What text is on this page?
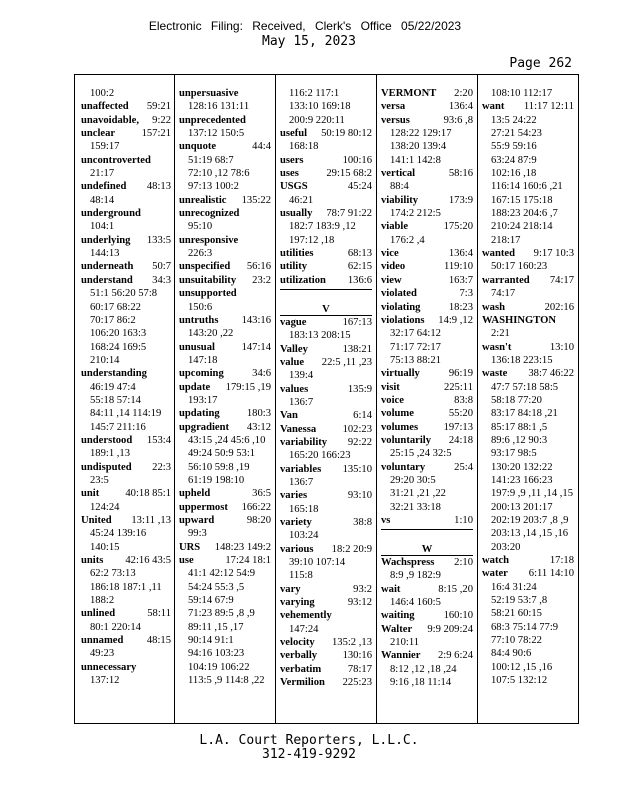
Electronic Filing: Received, Clerk's Office 05/22/2023
May 15, 2023
Page 262
100:2
unaffected 59:21
unavoidable, 9:22
unclear 157:21
159:17
uncontroverted
21:17
undefined 48:13
48:14
underground
104:1
underlying 133:5
144:13
underneath 50:7
understand 34:3
51:1 56:20 57:8
60:17 68:22
70:17 86:2
106:20 163:3
168:24 169:5
210:14
understanding
46:19 47:4
55:18 57:14
84:11 ,14 114:19
145:7 211:16
understood 153:4
189:1 ,13
undisputed 22:3
23:5
unit 40:18 85:1
124:24
United 13:11 ,13
45:24 139:16
140:15
units 42:16 43:5
62:2 73:13
186:18 187:1 ,11
188:2
unlined	58:11
80:1 220:14
unnamed 48:15
49:23
unnecessary
137:12
unpersuasive
128:16 131:11
unprecedented
137:12 150:5
unquote	44:4
51:19 68:7
72:10 ,12 78:6
97:13 100:2
unrealistic 135:22
unrecognized
95:10
unresponsive
226:3
unspecified 56:16
unsuitability 23:2
unsupported
150:6
untruths 143:16
143:20 ,22
unusual	147:14
147:18
upcoming	34:6
update 179:15 ,19
193:17
updating	180:3
upgradient 43:12
43:15 ,24 45:6 ,10
49:24 50:9 53:1
56:10 59:8 ,19
61:19 198:10
upheld	36:5
uppermost 166:22
upward	98:20
99:3
URS 148:23 149:2
use	17:24 18:1
41:1 42:12 54:9
54:24 55:3 ,5
59:14 67:9
71:23 89:5 ,8 ,9
89:11 ,15 ,17
90:14 91:1
94:16 103:23
104:19 106:22
113:5 ,9 114:8 ,22
116:2 117:1
133:10 169:18
200:9 220:11
useful 50:19 80:12
168:18
users	100:16
uses	29:15 68:2
USGS	45:24
46:21
usually 78:7 91:22
182:7 183:9 ,12
197:12 ,18
utilities	68:13
utility	62:15
utilization 136:6
V
vague	167:13
183:13 208:15
Valley	138:21
value 22:5 ,11 ,23
139:4
values	135:9
136:7
Van	6:14
Vanessa 102:23
variability 92:22
165:20 166:23
variables 135:10
136:7
varies	93:10
165:18
variety	38:8
103:24
various 18:2 20:9
39:10 107:14
115:8
vary	93:2
varying	93:12
vehemently
147:24
velocity 135:2 ,13
verbally 130:16
verbatim	78:17
Vermilion 225:23
VERMONT 2:20
versa	136:4
versus	93:6 ,8
128:22 129:17
138:20 139:4
141:1 142:8
vertical	58:16
88:4
viability	173:9
174:2 212:5
viable	175:20
176:2 ,4
vice	136:4
video	119:10
view	163:7
violated	7:3
violating	18:23
violations 14:9 ,12
32:17 64:12
71:17 72:17
75:13 88:21
virtually	96:19
visit	225:11
voice	83:8
volume	55:20
volumes 197:13
voluntarily 24:18
25:15 ,24 32:5
voluntary	25:4
29:20 30:5
31:21 ,21 ,22
32:21 33:18
vs	1:10
W
Wachspress 2:10
8:9 ,9 182:9
wait	8:15 ,20
146:4 160:5
waiting	160:10
Walter 9:9 209:24
210:11
Wannier 2:9 6:24
8:12 ,12 ,18 ,24
9:16 ,18 11:14
108:10 112:17
want 11:17 12:11
13:5 24:22
27:21 54:23
55:9 59:16
63:24 87:9
102:16 ,18
116:14 160:6 ,21
167:15 175:18
188:23 204:6 ,7
210:24 218:14
218:17
wanted 9:17 10:3
50:17 160:23
warranted 74:17
74:17
wash	202:16
WASHINGTON
2:21
wasn't	13:10
136:18 223:15
waste 38:7 46:22
47:7 57:18 58:5
58:18 77:20
83:17 84:18 ,21
85:17 88:1 ,5
89:6 ,12 90:3
93:17 98:5
130:20 132:22
141:23 166:23
197:9 ,9 ,11 ,14 ,15
200:13 201:17
202:19 203:7 ,8 ,9
203:13 ,14 ,15 ,16
203:20
watch	17:18
water 6:11 14:10
16:4 31:24
52:19 53:7 ,8
58:21 60:15
68:3 75:14 77:9
77:10 78:22
84:4 90:6
100:12 ,15 ,16
107:5 132:12
L.A. Court Reporters, L.L.C.
312-419-9292
